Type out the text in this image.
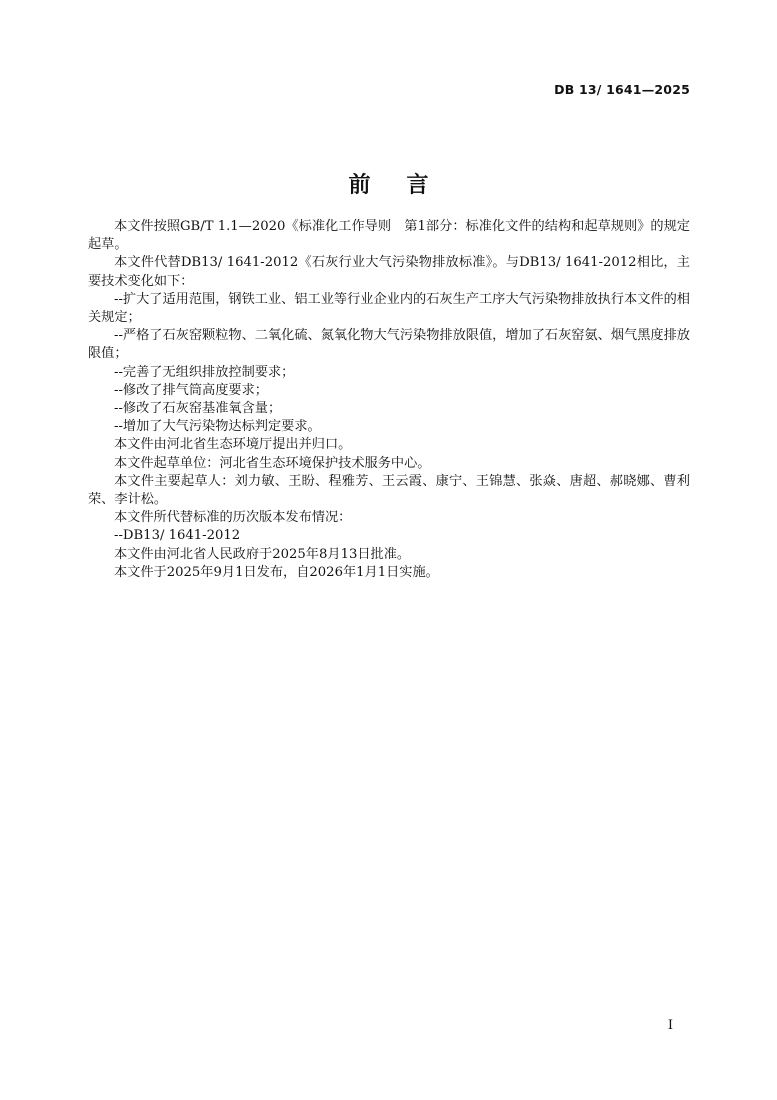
DB 13/ 1641—2025
前言

本文件按照GB/T 1.1—2020《标准化工作导则　第1部分：标准化文件的结构和起草规则》的规定起草。

本文件代替DB13/ 1641-2012《石灰行业大气污染物排放标准》。与DB13/ 1641-2012相比，主要技术变化如下：

--扩大了适用范围，钢铁工业、铝工业等行业企业内的石灰生产工序大气污染物排放执行本文件的相关规定；

--严格了石灰窑颗粒物、二氧化硫、氮氧化物大气污染物排放限值，增加了石灰窑氨、烟气黑度排放限值；

--完善了无组织排放控制要求；

--修改了排气筒高度要求；

--修改了石灰窑基准氧含量；

--增加了大气污染物达标判定要求。

本文件由河北省生态环境厅提出并归口。

本文件起草单位：河北省生态环境保护技术服务中心。

本文件主要起草人：刘力敏、王盼、程雅芳、王云霞、康宁、王锦慧、张焱、唐超、郝晓娜、曹利荣、李计松。

本文件所代替标准的历次版本发布情况：

--DB13/ 1641-2012

本文件由河北省人民政府于2025年8月13日批准。

本文件于2025年9月1日发布，自2026年1月1日实施。

I
